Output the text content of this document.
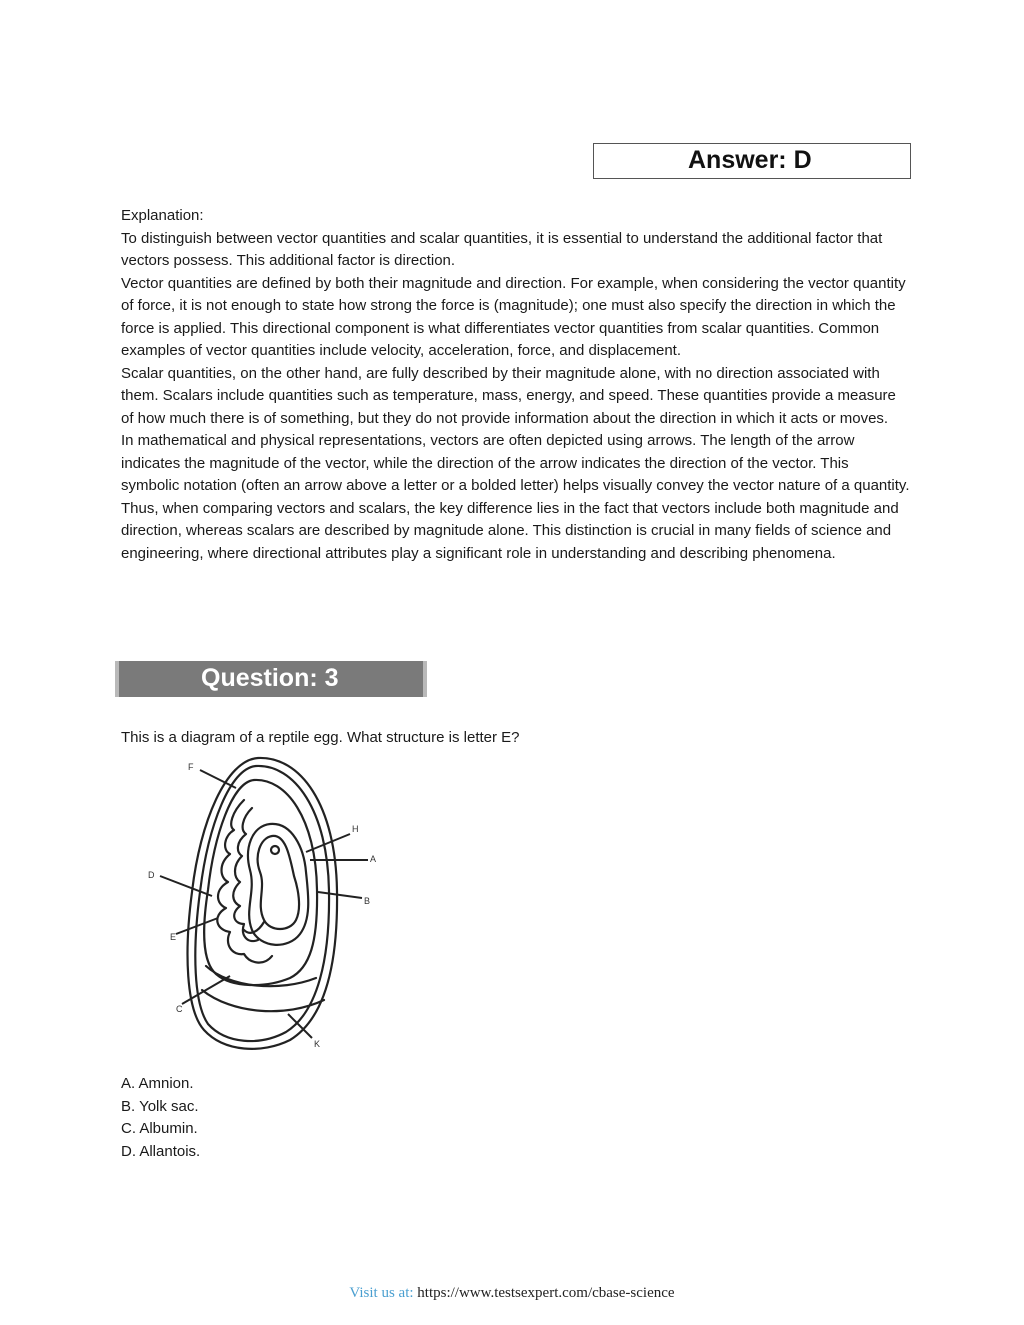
Answer: D

Explanation:

To distinguish between vector quantities and scalar quantities, it is essential to understand the additional factor that vectors possess. This additional factor is direction.

Vector quantities are defined by both their magnitude and direction. For example, when considering the vector quantity of force, it is not enough to state how strong the force is (magnitude); one must also specify the direction in which the force is applied. This directional component is what differentiates vector quantities from scalar quantities. Common examples of vector quantities include velocity, acceleration, force, and displacement.

Scalar quantities, on the other hand, are fully described by their magnitude alone, with no direction associated with them. Scalars include quantities such as temperature, mass, energy, and speed. These quantities provide a measure of how much there is of something, but they do not provide information about the direction in which it acts or moves.

In mathematical and physical representations, vectors are often depicted using arrows. The length of the arrow indicates the magnitude of the vector, while the direction of the arrow indicates the direction of the vector. This symbolic notation (often an arrow above a letter or a bolded letter) helps visually convey the vector nature of a quantity.

Thus, when comparing vectors and scalars, the key difference lies in the fact that vectors include both magnitude and direction, whereas scalars are described by magnitude alone. This distinction is crucial in many fields of science and engineering, where directional attributes play a significant role in understanding and describing phenomena.

Question: 3
This is a diagram of a reptile egg. What structure is letter E?
F
H
A
D
B
E
C
K
A. Amnion.
B. Yolk sac.
C. Albumin.
D. Allantois.
Visit us at: https://www.testsexpert.com/cbase-science
